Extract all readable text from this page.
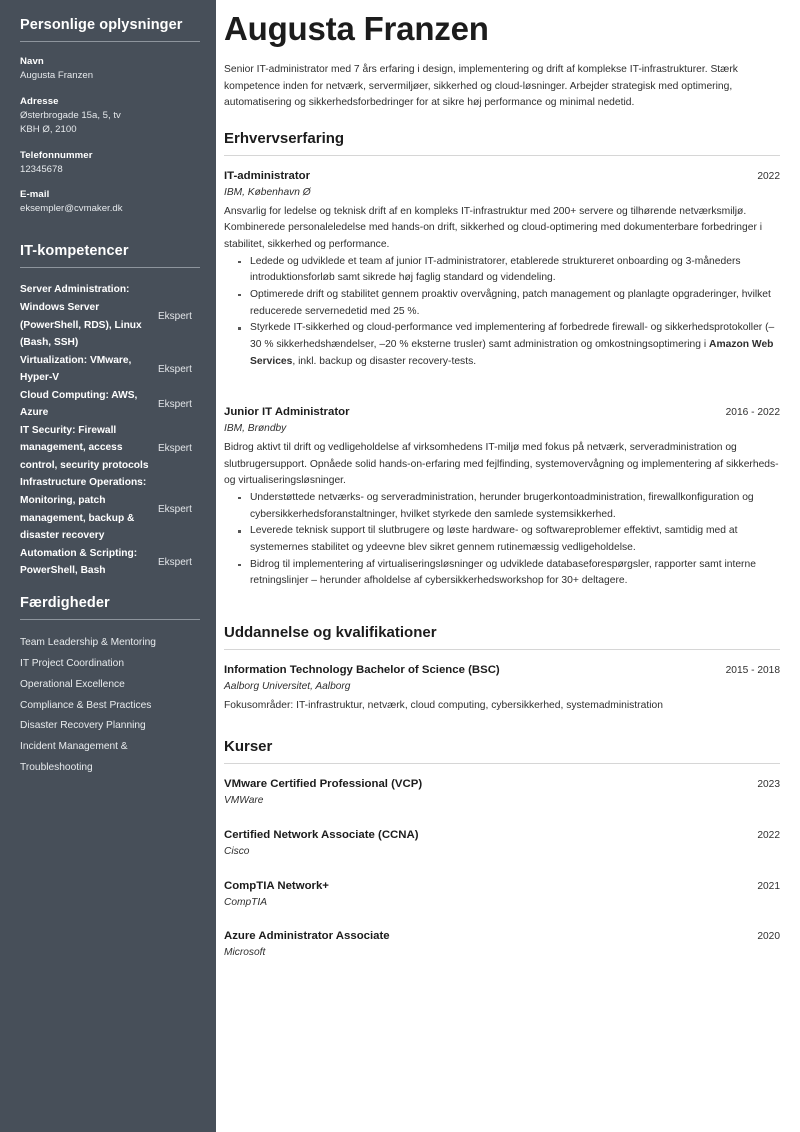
Personlige oplysninger
Navn
Augusta Franzen
Adresse
Østerbrogade 15a, 5, tv
KBH Ø, 2100
Telefonnummer
12345678
E-mail
eksempler@cvmaker.dk
IT-kompetencer
Server Administration: Windows Server (PowerShell, RDS), Linux (Bash, SSH)
Ekspert
Virtualization: VMware, Hyper-V
Ekspert
Cloud Computing: AWS, Azure
Ekspert
IT Security: Firewall management, access control, security protocols
Ekspert
Infrastructure Operations: Monitoring, patch management, backup & disaster recovery
Ekspert
Automation & Scripting: PowerShell, Bash
Ekspert
Færdigheder
Team Leadership & Mentoring
IT Project Coordination
Operational Excellence
Compliance & Best Practices
Disaster Recovery Planning
Incident Management & Troubleshooting
Augusta Franzen

Senior IT-administrator med 7 års erfaring i design, implementering og drift af komplekse IT-infrastrukturer. Stærk kompetence inden for netværk, servermiljøer, sikkerhed og cloud-løsninger. Arbejder strategisk med optimering, automatisering og sikkerhedsforbedringer for at sikre høj performance og minimal nedetid.

Erhvervserfaring
IT-administrator	2022
IBM, København Ø

Ansvarlig for ledelse og teknisk drift af en kompleks IT-infrastruktur med 200+ servere og tilhørende netværksmiljø. Kombinerede personaleledelse med hands-on drift, sikkerhed og cloud-optimering med dokumenterbare forbedringer i stabilitet, sikkerhed og performance.

Ledede og udviklede et team af junior IT-administratorer, etablerede struktureret onboarding og 3-måneders introduktionsforløb samt sikrede høj faglig standard og videndeling.
Optimerede drift og stabilitet gennem proaktiv overvågning, patch management og planlagte opgraderinger, hvilket reducerede servernedetid med 25 %.
Styrkede IT-sikkerhed og cloud-performance ved implementering af forbedrede firewall- og sikkerhedsprotokoller (–30 % sikkerhedshændelser, –20 % eksterne trusler) samt administration og omkostningsoptimering i Amazon Web Services, inkl. backup og disaster recovery-tests.
Junior IT Administrator	2016 - 2022
IBM, Brøndby

Bidrog aktivt til drift og vedligeholdelse af virksomhedens IT-miljø med fokus på netværk, serveradministration og slutbrugersupport. Opnåede solid hands-on-erfaring med fejlfinding, systemovervågning og implementering af sikkerheds- og virtualiseringsløsninger.

Understøttede netværks- og serveradministration, herunder brugerkontoadministration, firewallkonfiguration og cybersikkerhedsforanstaltninger, hvilket styrkede den samlede systemsikkerhed.
Leverede teknisk support til slutbrugere og løste hardware- og softwareproblemer effektivt, samtidig med at systemernes stabilitet og ydeevne blev sikret gennem rutinemæssig vedligeholdelse.
Bidrog til implementering af virtualiseringsløsninger og udviklede databaseforespørgsler, rapporter samt interne retningslinjer – herunder afholdelse af cybersikkerhedsworkshop for 30+ deltagere.
Uddannelse og kvalifikationer
Information Technology Bachelor of Science (BSC)	2015 - 2018
Aalborg Universitet, Aalborg

Fokusområder: IT-infrastruktur, netværk, cloud computing, cybersikkerhed, systemadministration

Kurser
VMware Certified Professional (VCP)	2023
VMWare
Certified Network Associate (CCNA)	2022
Cisco
CompTIA Network+	2021
CompTIA
Azure Administrator Associate	2020
Microsoft
